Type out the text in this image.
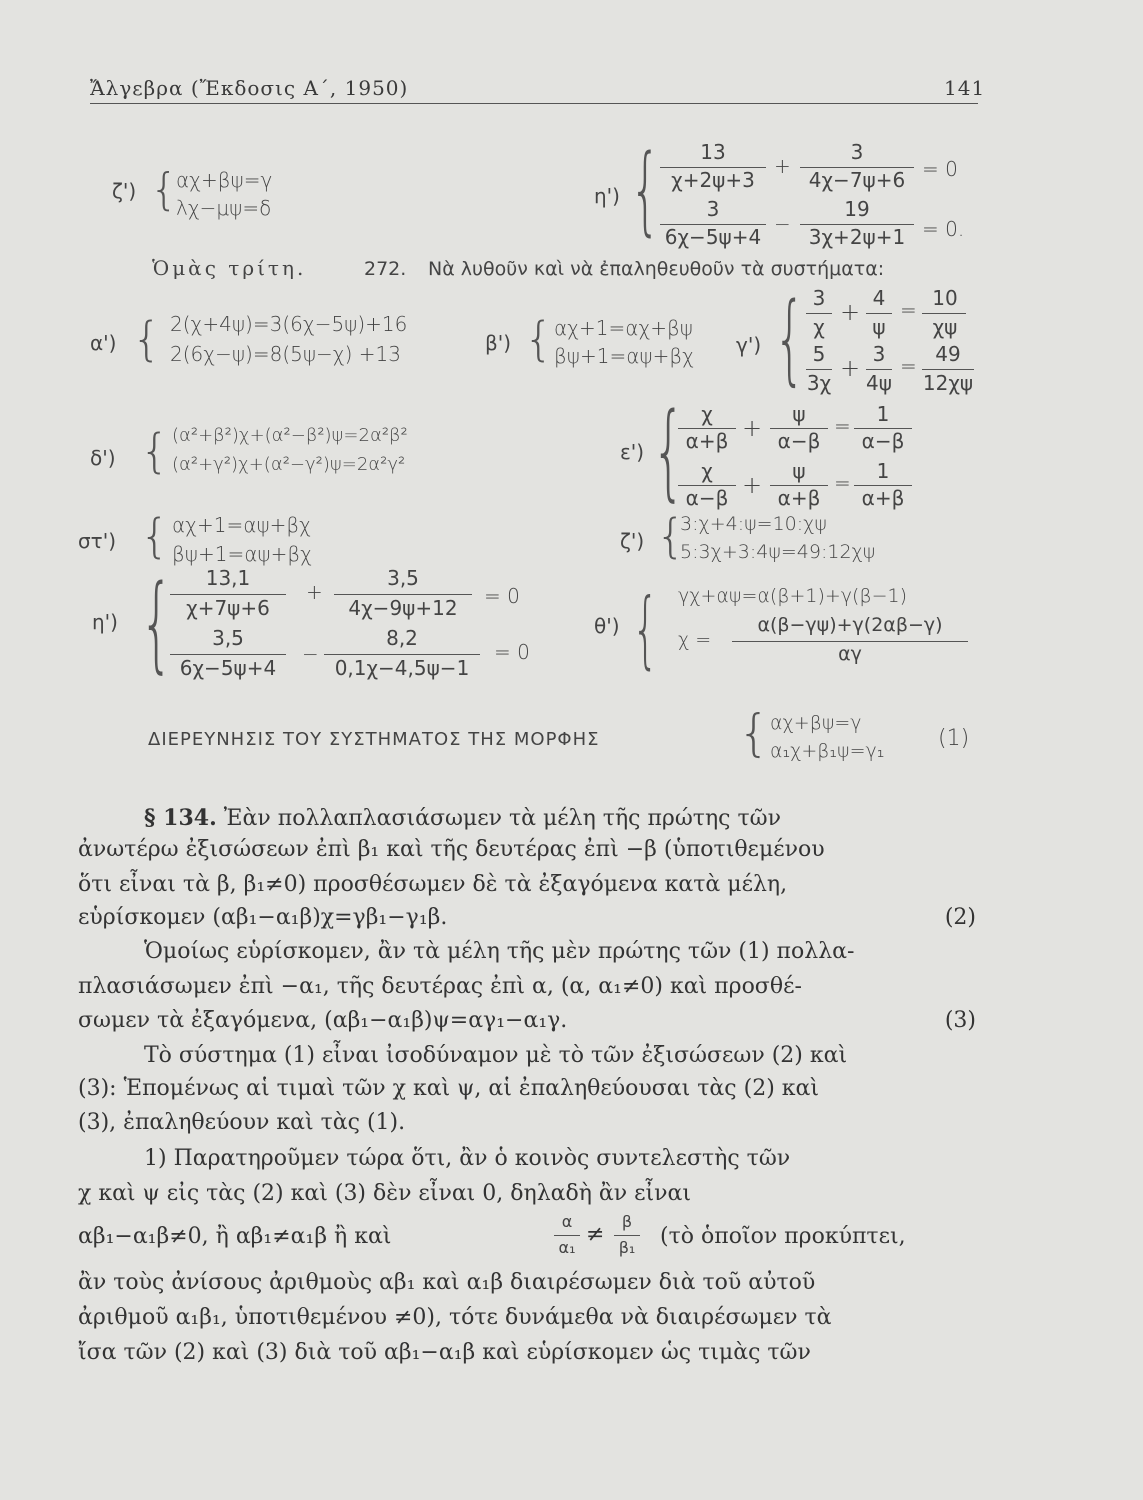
Ἄλγεβρα (Ἔκδοσις Α΄, 1950)	141
ζ') {
αχ+βψ=γ
λχ−μψ=δ	η') {	13
χ+2ψ+3
+
3
4χ−7ψ+6 = 0
3
6χ−5ψ+4
−
19
3χ+2ψ+1 = 0.
Ὁμὰς τρίτη.	272. Νὰ λυθοῦν καὶ νὰ ἐπαληθευθοῦν τὰ συστήματα:
α') { 2(χ+4ψ)=3(6χ−5ψ)+16
2(6χ−ψ)=8(5ψ−χ) +13	β') { αχ+1=αχ+βψ
βψ+1=αψ+βχ γ') { 3
χ
+ 4
ψ
= 10
χψ
5
3χ
+ 3
4ψ
= 49
12χψ
δ') { (α²+β²)χ+(α²−β²)ψ=2α²β²
(α²+γ²)χ+(α²−γ²)ψ=2α²γ²
ε') { χ
α+β +	ψ
α−β
=	1
α−β
χ
α−β +	ψ
α+β
=	1
α+β
στ') { αχ+1=αψ+βχ
βψ+1=αψ+βχ
ζ') {
3:χ+4:ψ=10:χψ
5:3χ+3:4ψ=49:12χψ
η') {	13,1
χ+7ψ+6
+
3,5
4χ−9ψ+12	= 0
3,5
6χ−5ψ+4
−
8,2
0,1χ−4,5ψ−1
= 0
θ') { γχ+αψ=α(β+1)+γ(β−1)
χ =
α(β−γψ)+γ(2αβ−γ)
αγ
ΔΙΕΡΕΥΝΗΣΙΣ ΤΟΥ ΣΥΣΤΗΜΑΤΟΣ ΤΗΣ ΜΟΡΦΗΣ	{ αχ+βψ=γ
α₁χ+β₁ψ=γ₁ (1)
§ 134. Ἐὰν πολλαπλασιάσωμεν τὰ μέλη τῆς πρώτης τῶν
ἀνωτέρω ἐξισώσεων ἐπὶ β₁ καὶ τῆς δευτέρας ἐπὶ −β (ὑποτιθεμένου
ὅτι εἶναι τὰ β, β₁≠0) προσθέσωμεν δὲ τὰ ἐξαγόμενα κατὰ μέλη,
εὑρίσκομεν (αβ₁−α₁β)χ=γβ₁−γ₁β.	(2)
Ὁμοίως εὑρίσκομεν, ἂν τὰ μέλη τῆς μὲν πρώτης τῶν (1) πολλα-
πλασιάσωμεν ἐπὶ −α₁, τῆς δευτέρας ἐπὶ α, (α, α₁≠0) καὶ προσθέ-
σωμεν τὰ ἐξαγόμενα, (αβ₁−α₁β)ψ=αγ₁−α₁γ.	(3)
Τὸ σύστημα (1) εἶναι ἰσοδύναμον μὲ τὸ τῶν ἐξισώσεων (2) καὶ
(3): Ἑπομένως αἱ τιμαὶ τῶν χ καὶ ψ, αἱ ἐπαληθεύουσαι τὰς (2) καὶ
(3), ἐπαληθεύουν καὶ τὰς (1).
1) Παρατηροῦμεν τώρα ὅτι, ἂν ὁ κοινὸς συντελεστὴς τῶν
χ καὶ ψ εἰς τὰς (2) καὶ (3) δὲν εἶναι 0, δηλαδὴ ἂν εἶναι
αβ₁−α₁β≠0, ἢ αβ₁≠α₁β ἢ καὶ
α
α₁
≠
β
β₁	(τὸ ὁποῖον προκύπτει,
ἂν τοὺς ἀνίσους ἀριθμοὺς αβ₁ καὶ α₁β διαιρέσωμεν διὰ τοῦ αὐτοῦ
ἀριθμοῦ α₁β₁, ὑποτιθεμένου ≠0), τότε δυνάμεθα νὰ διαιρέσωμεν τὰ
ἴσα τῶν (2) καὶ (3) διὰ τοῦ αβ₁−α₁β καὶ εὑρίσκομεν ὡς τιμὰς τῶν
